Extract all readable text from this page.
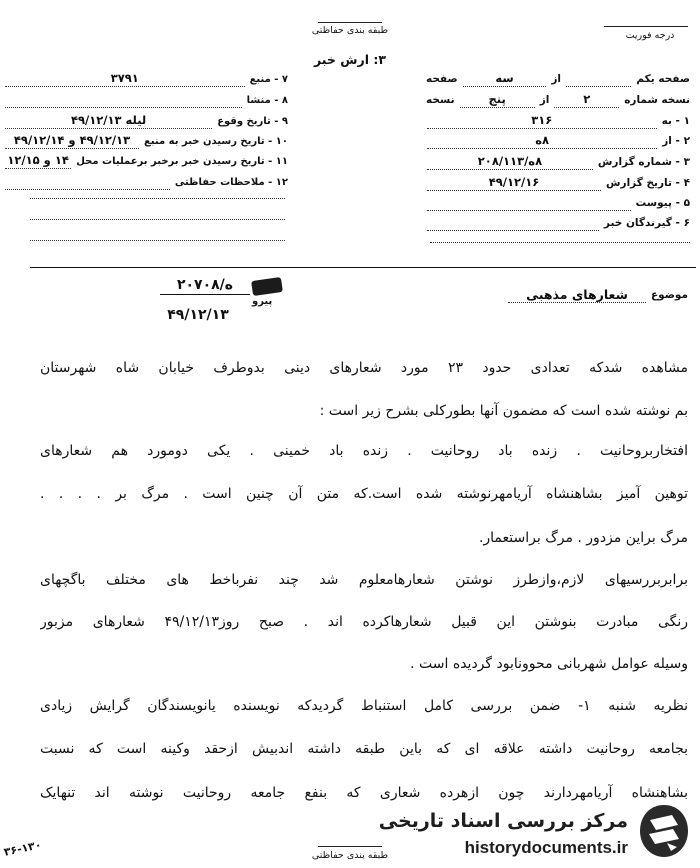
طبقه بندی حفاظتی	درجه فوریت
۳: ارش خبر
صفحه یکم
از
سه
صفحه
نسخه شماره
۲
از
پنج
نسخه
۱ - به
۳۱۶
۲ - از
۸ه
۳ - شماره گزارش
۸ه/۲۰۸/۱۱۳
۴ - تاریخ گزارش
۴۹/۱۲/۱۶
۵ - پیوست
۶ - گیرندگان خبر
۷ - منبع
۳۷۹۱
۸ - منشا
۹ - تاریخ وقوع
لیله ۴۹/۱۲/۱۳
۱۰ - تاریخ رسیدن خبر به منبع
۴۹/۱۲/۱۳ و ۴۹/۱۲/۱۴
۱۱ - تاریخ رسیدن خبر برخبر برعملیات محل
۱۴ و ۱۲/۱۵
۱۲ - ملاحظات حفاظتی
موضوع
شعارهای مذهبی
ه/۲۰۷۰۸
پیرو
۴۹/۱۲/۱۳
مشاهده شدکه تعدادی حدود ۲۳ مورد شعارهای دینی بدوطرف خیابان شاه شهرستان
بم نوشته شده است که مضمون آنها بطورکلی بشرح زیر است :
افتخاربروحانیت . زنده باد روحانیت . زنده باد خمینی . یکی دومورد هم شعارهای
توهین آمیز بشاهنشاه آریامهرنوشته شده است.که متن آن چنین است . مرگ بر . . . .
مرگ براین مزدور . مرگ براستعمار.
برابربررسیهای لازم،وازطرز نوشتن شعارهامعلوم شد چند نفرباخط های مختلف باگچهای
رنگی مبادرت بنوشتن این قبیل شعارهاکرده اند . صبح روز۴۹/۱۲/۱۳ شعارهای مزبور
وسیله عوامل شهربانی محوونابود گردیده است .
نظریه شنبه ۱- ضمن بررسی کامل استنباط گردیدکه نویسنده یانویسندگان گرایش زیادی
بجامعه روحانیت داشته علاقه ای که باین طبقه داشته اندبیش ازحقد وکینه است که نسبت
بشاهنشاه آریامهردارند چون ازهرده شعاری که بنفع جامعه روحانیت نوشته اند تنهایک
طبقه بندی حفاظتی
۳۶-۱۳۰
مرکز بررسی اسناد تاریخی
historydocuments.ir
